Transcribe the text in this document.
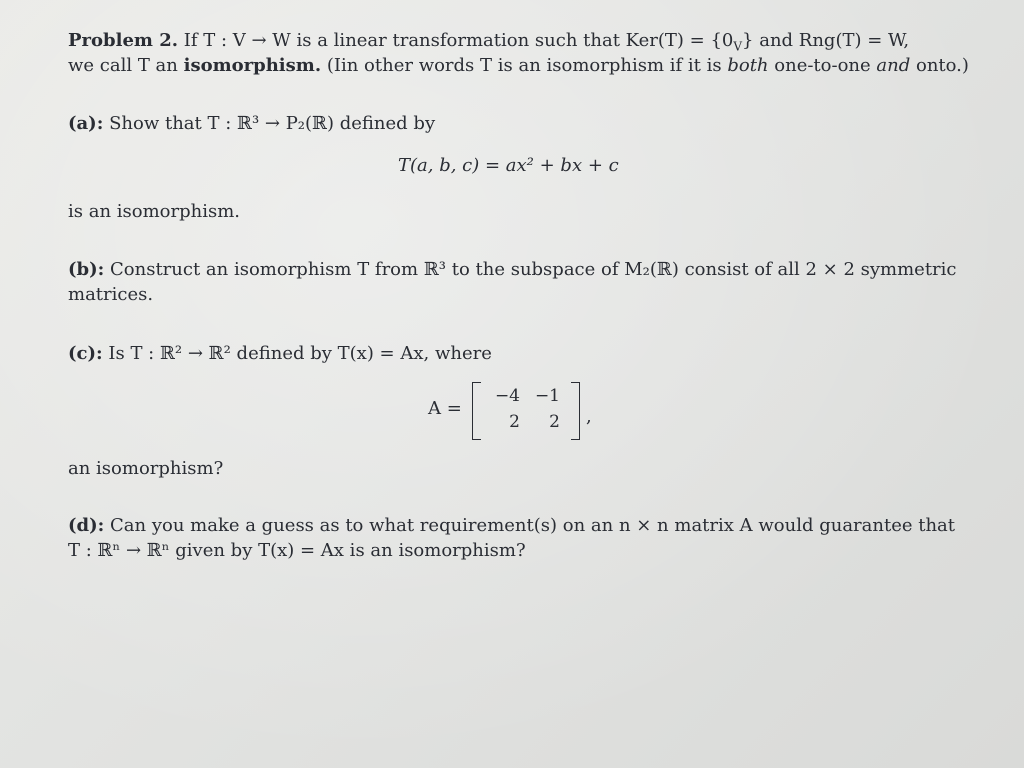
Problem 2. If T : V → W is a linear transformation such that $Ker(T) = \{0_V\}$ and Rng(T) = W,
we call T an isomorphism. (Iin other words T is an isomorphism if it is both one-to-one and onto.)
(a): Show that T : ℝ³ → P₂(ℝ) defined by
T(a, b, c) = ax² + bx + c
is an isomorphism.
(b): Construct an isomorphism T from ℝ³ to the subspace of M₂(ℝ) consist of all 2 × 2 symmetric
matrices.
(c): Is T : ℝ² → ℝ² defined by T(x) = Ax, where
A =
−4 −1
2	2 ,
an isomorphism?
(d): Can you make a guess as to what requirement(s) on an n × n matrix A would guarantee that
T : ℝⁿ → ℝⁿ given by T(x) = Ax is an isomorphism?
